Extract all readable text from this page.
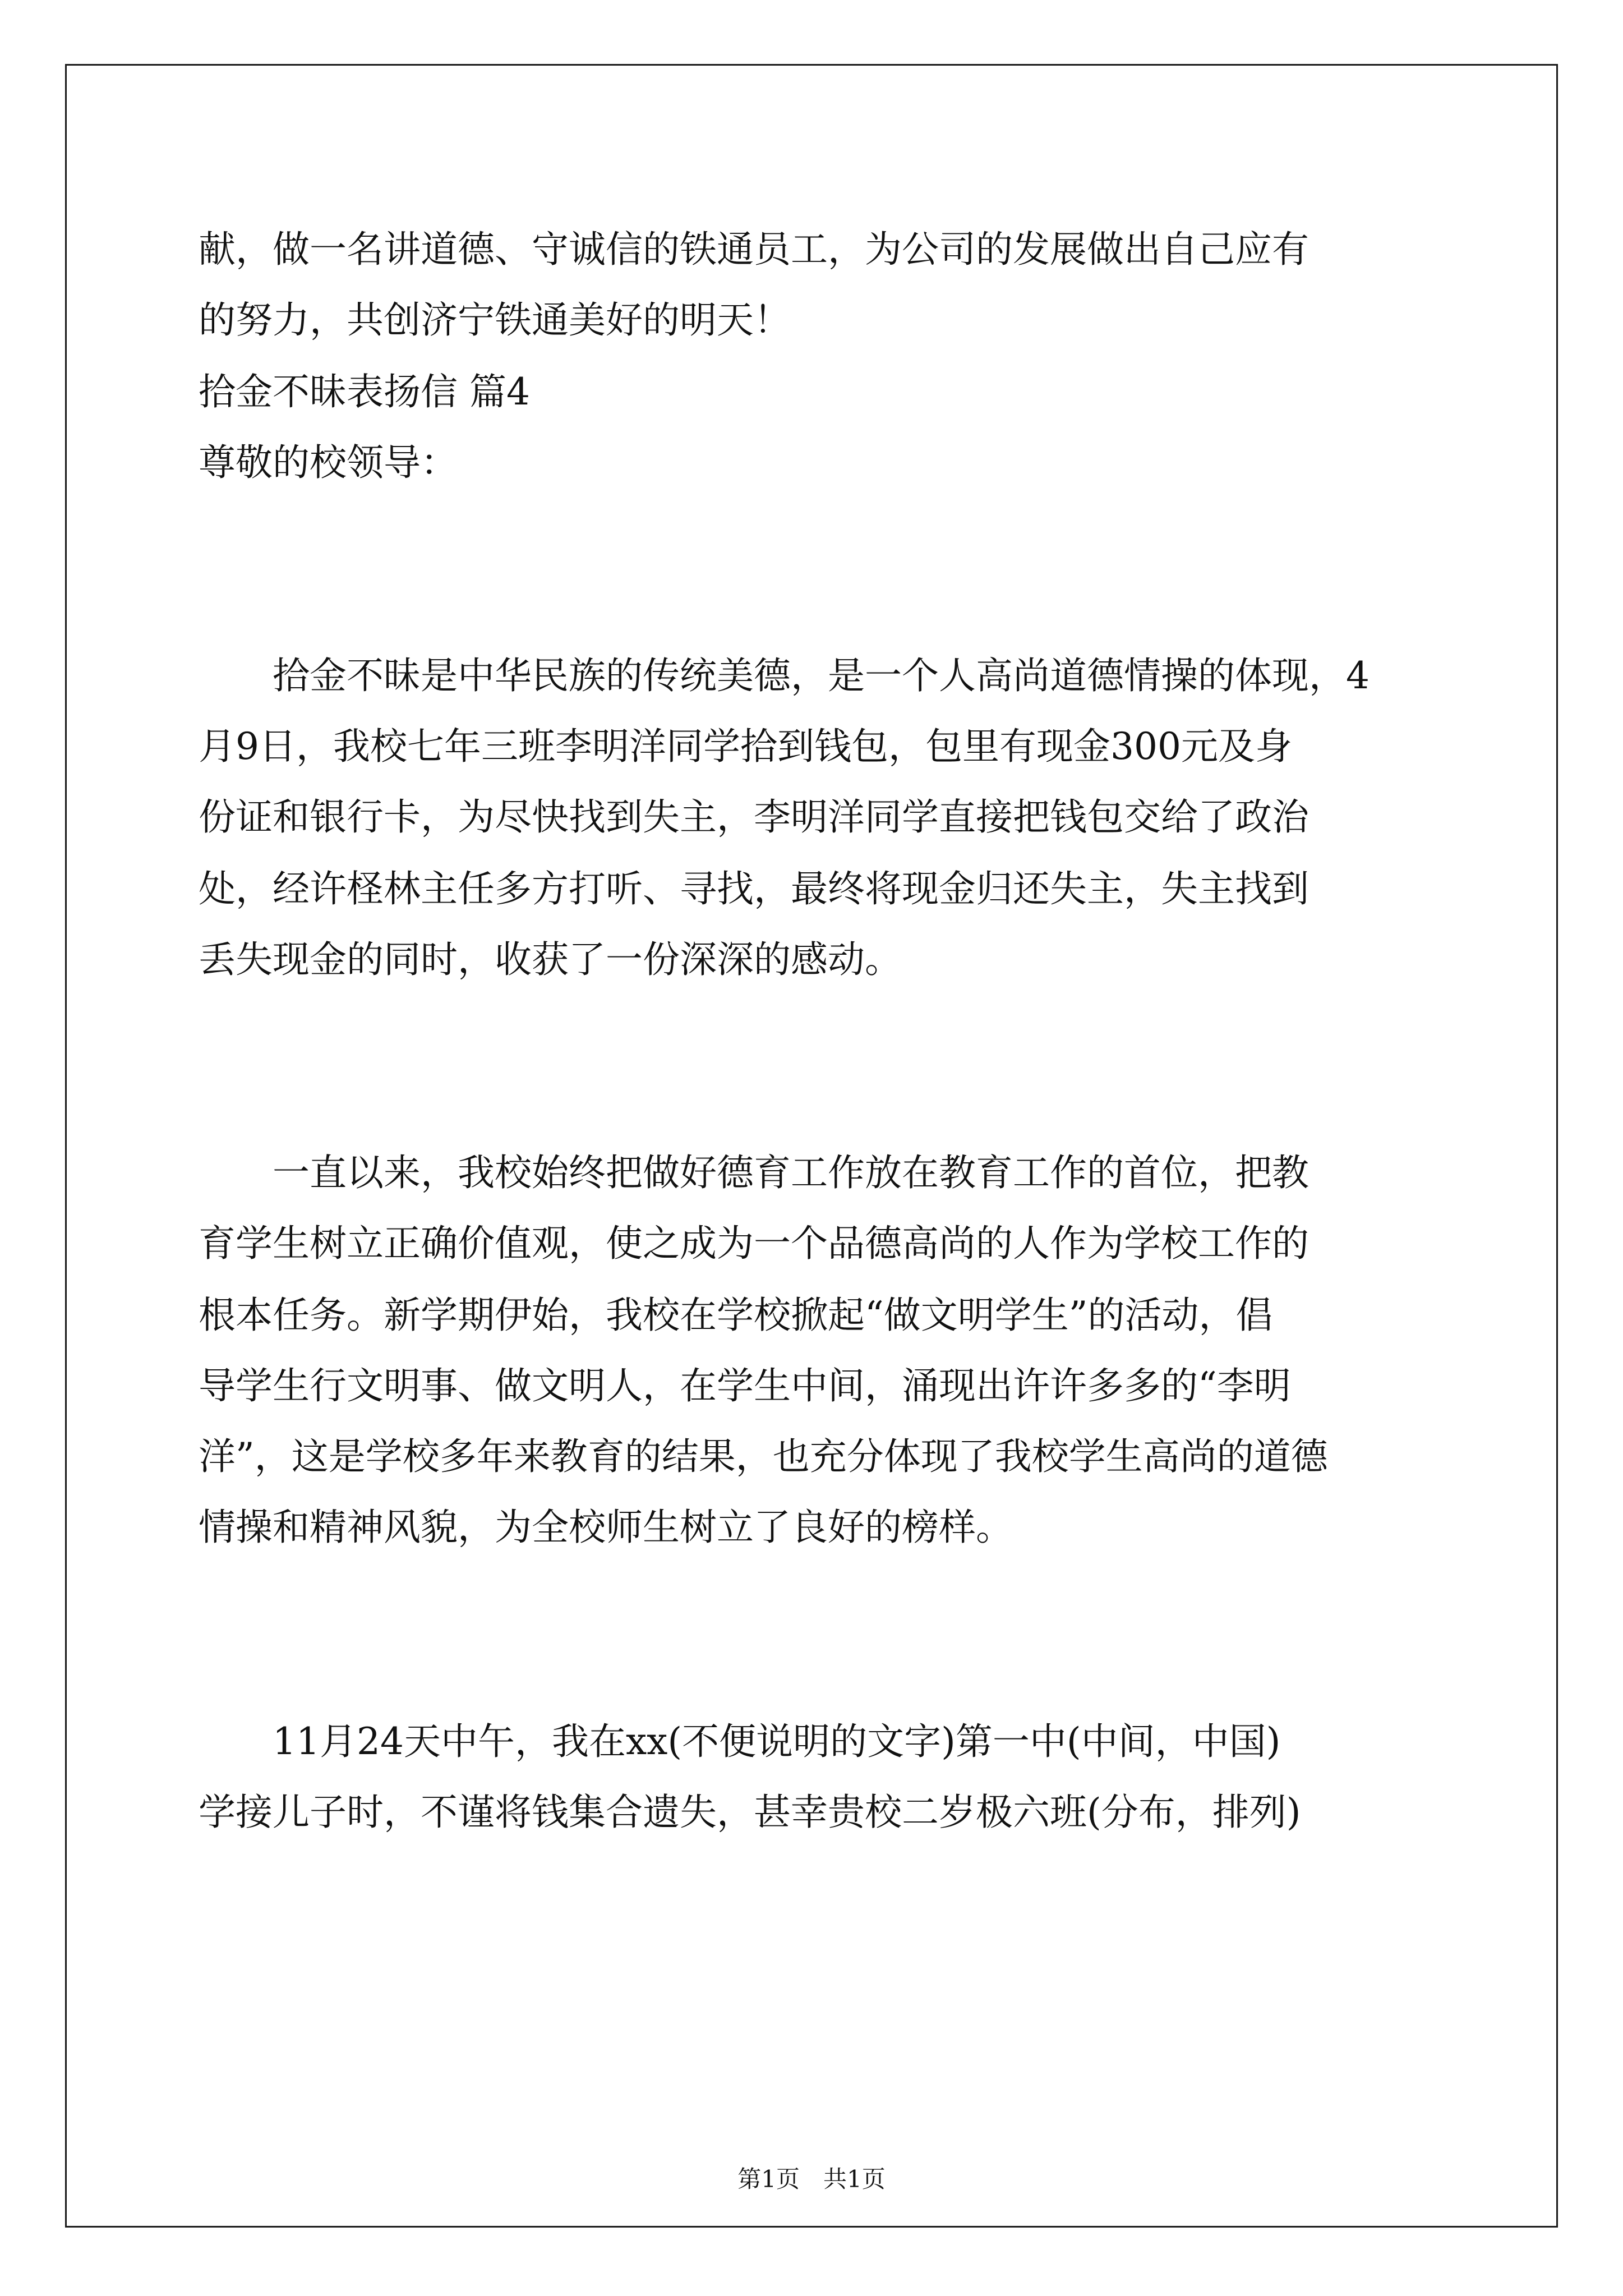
献，做一名讲道德、守诚信的铁通员工，为公司的发展做出自己应有

的努力，共创济宁铁通美好的明天！

拾金不昧表扬信 篇4

尊敬的校领导：

　　拾金不昧是中华民族的传统美德，是一个人高尚道德情操的体现，4

月9日，我校七年三班李明洋同学拾到钱包，包里有现金300元及身

份证和银行卡，为尽快找到失主，李明洋同学直接把钱包交给了政治

处，经许柽林主任多方打听、寻找，最终将现金归还失主，失主找到

丢失现金的同时，收获了一份深深的感动。

　　一直以来，我校始终把做好德育工作放在教育工作的首位，把教

育学生树立正确价值观，使之成为一个品德高尚的人作为学校工作的

根本任务。新学期伊始，我校在学校掀起“做文明学生”的活动，倡

导学生行文明事、做文明人，在学生中间，涌现出许许多多的“李明

洋”，这是学校多年来教育的结果，也充分体现了我校学生高尚的道德

情操和精神风貌，为全校师生树立了良好的榜样。

　　11月24天中午，我在xx(不便说明的文字)第一中(中间，中国)

学接儿子时，不谨将钱集合遗失，甚幸贵校二岁极六班(分布，排列)

第1页　共1页
